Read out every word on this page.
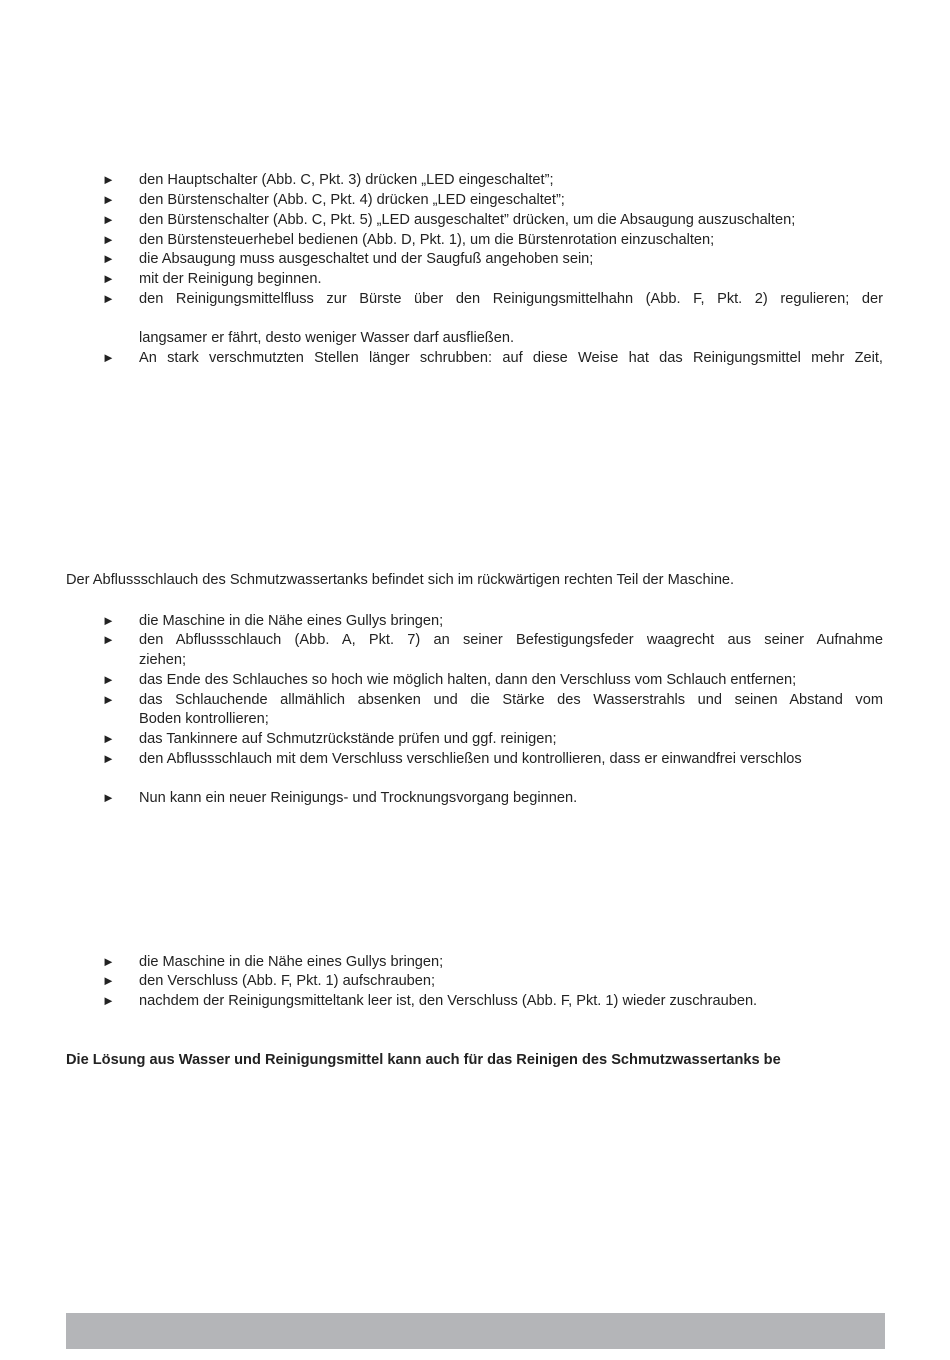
► den Hauptschalter (Abb. C, Pkt. 3) drücken „LED eingeschaltet”;
► den Bürstenschalter (Abb. C, Pkt. 4) drücken „LED eingeschaltet”;
► den Bürstenschalter (Abb. C, Pkt. 5) „LED ausgeschaltet” drücken, um die Absaugung auszuschalten;
► den Bürstensteuerhebel bedienen (Abb. D, Pkt. 1), um die Bürstenrotation einzuschalten;
► die Absaugung muss ausgeschaltet und der Saugfuß angehoben sein;
► mit der Reinigung beginnen.
► den Reinigungsmittelfluss zur Bürste über den Reinigungsmittelhahn (Abb. F, Pkt. 2) regulieren; der
langsamer er fährt, desto weniger Wasser darf ausfließen.
► An stark verschmutzten Stellen länger schrubben: auf diese Weise hat das Reinigungsmittel mehr Zeit,
Der Abflussschlauch des Schmutzwassertanks befindet sich im rückwärtigen rechten Teil der Maschine.
► die Maschine in die Nähe eines Gullys bringen;
► den Abflussschlauch (Abb. A, Pkt. 7) an seiner Befestigungsfeder waagrecht aus seiner Aufnahme
ziehen;
► das Ende des Schlauches so hoch wie möglich halten, dann den Verschluss vom Schlauch entfernen;
► das Schlauchende allmählich absenken und die Stärke des Wasserstrahls und seinen Abstand vom
Boden kontrollieren;
► das Tankinnere auf Schmutzrückstände prüfen und ggf. reinigen;
► den Abflussschlauch mit dem Verschluss verschließen und kontrollieren, dass er einwandfrei verschlos
► Nun kann ein neuer Reinigungs- und Trocknungsvorgang beginnen.
► die Maschine in die Nähe eines Gullys bringen;
► den Verschluss (Abb. F, Pkt. 1) aufschrauben;
► nachdem der Reinigungsmitteltank leer ist, den Verschluss (Abb. F, Pkt. 1) wieder zuschrauben.
Die Lösung aus Wasser und Reinigungsmittel kann auch für das Reinigen des Schmutzwassertanks be
